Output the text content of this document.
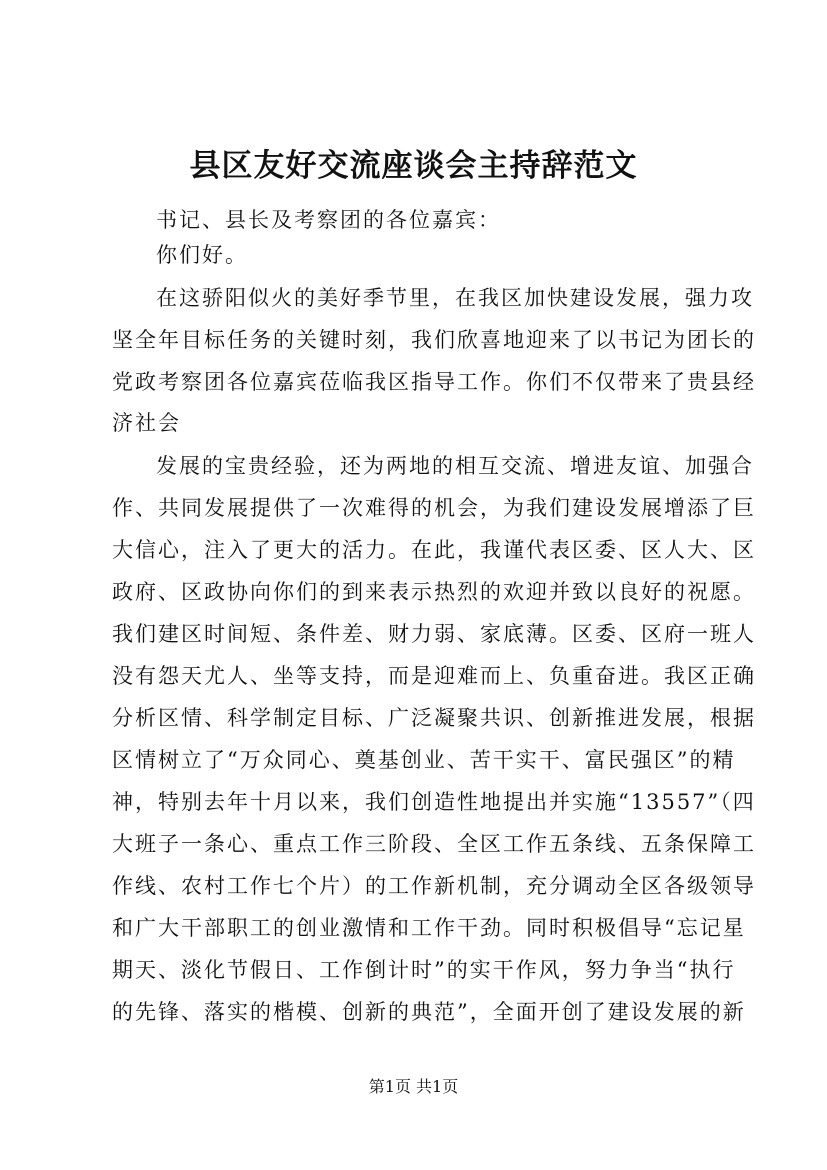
县区友好交流座谈会主持辞范文
书记、县长及考察团的各位嘉宾：
你们好。
在这骄阳似火的美好季节里，在我区加快建设发展，强力攻
坚全年目标任务的关键时刻，我们欣喜地迎来了以书记为团长的
党政考察团各位嘉宾莅临我区指导工作。你们不仅带来了贵县经
济社会
发展的宝贵经验，还为两地的相互交流、增进友谊、加强合
作、共同发展提供了一次难得的机会，为我们建设发展增添了巨
大信心，注入了更大的活力。在此，我谨代表区委、区人大、区
政府、区政协向你们的到来表示热烈的欢迎并致以良好的祝愿。
我们建区时间短、条件差、财力弱、家底薄。区委、区府一班人
没有怨天尤人、坐等支持，而是迎难而上、负重奋进。我区正确
分析区情、科学制定目标、广泛凝聚共识、创新推进发展，根据
区情树立了“万众同心、奠基创业、苦干实干、富民强区”的精
神，特别去年十月以来，我们创造性地提出并实施“13557”（四
大班子一条心、重点工作三阶段、全区工作五条线、五条保障工
作线、农村工作七个片）的工作新机制，充分调动全区各级领导
和广大干部职工的创业激情和工作干劲。同时积极倡导“忘记星
期天、淡化节假日、工作倒计时”的实干作风，努力争当“执行
的先锋、落实的楷模、创新的典范”，全面开创了建设发展的新
第1页 共1页
